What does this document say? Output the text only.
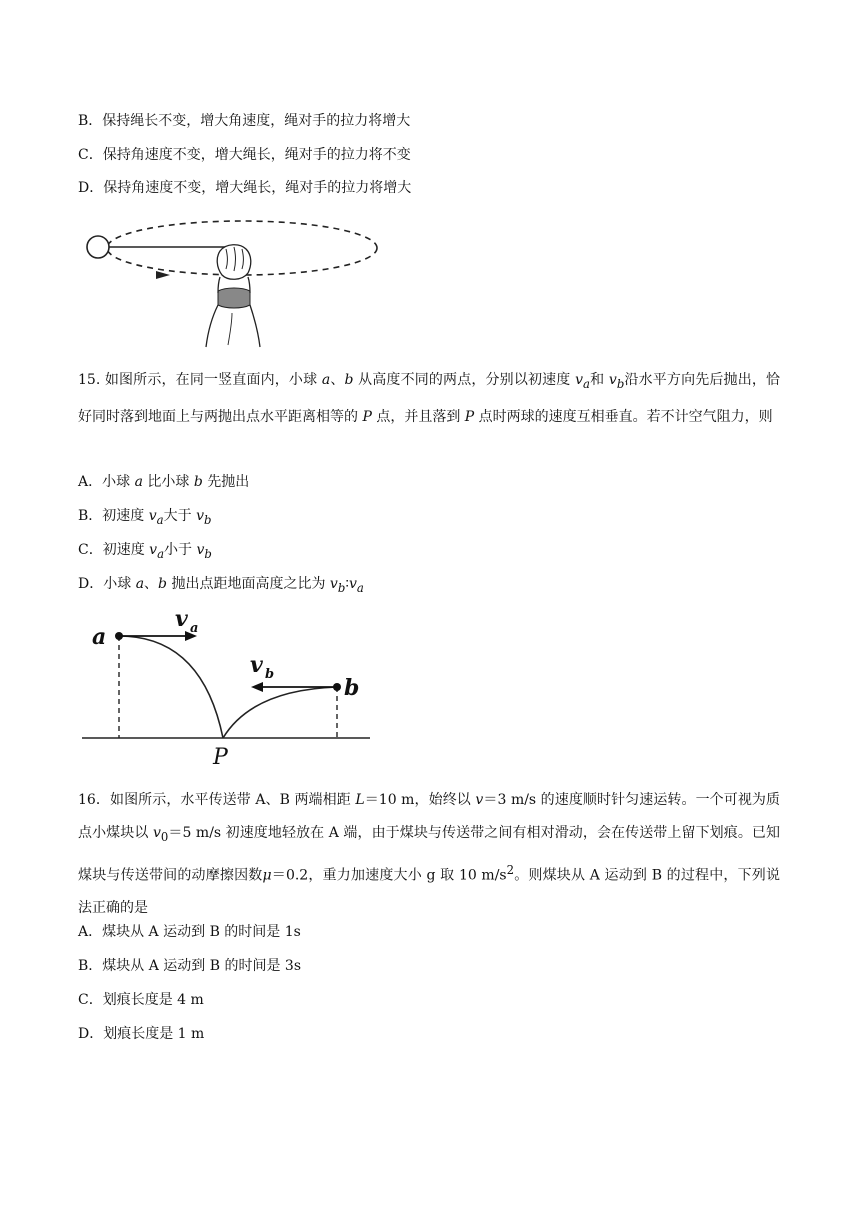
B．保持绳长不变，增大角速度，绳对手的拉力将增大
C．保持角速度不变，增大绳长，绳对手的拉力将不变
D．保持角速度不变，增大绳长，绳对手的拉力将增大
15. 如图所示，在同一竖直面内，小球 a、b 从高度不同的两点，分别以初速度 $v_a$和 $v_b$沿水平方向先后抛出，恰好同时落到地面上与两抛出点水平距离相等的 P 点，并且落到 P 点时两球的速度互相垂直。若不计空气阻力，则
A．小球 a 比小球 b 先抛出
B．初速度 $v_a$大于 $v_b$
C．初速度 $v_a$小于 $v_b$
D．小球 a、b 抛出点距地面高度之比为 $v_b∶v_a$
a
b
v a
v b
P
16．如图所示，水平传送带 A、B 两端相距 L＝10 m，始终以 v＝3 m/s 的速度顺时针匀速运转。一个可视为质点小煤块以 $v_0=5$ m/s 初速度地轻放在 A 端，由于煤块与传送带之间有相对滑动，会在传送带上留下划痕。已知煤块与传送带间的动摩擦因数μ＝0.2，重力加速度大小 g 取 10 $m/s^2$。则煤块从 A 运动到 B 的过程中，下列说法正确的是
A．煤块从 A 运动到 B 的时间是 1s
B．煤块从 A 运动到 B 的时间是 3s
C．划痕长度是 4 m
D．划痕长度是 1 m
